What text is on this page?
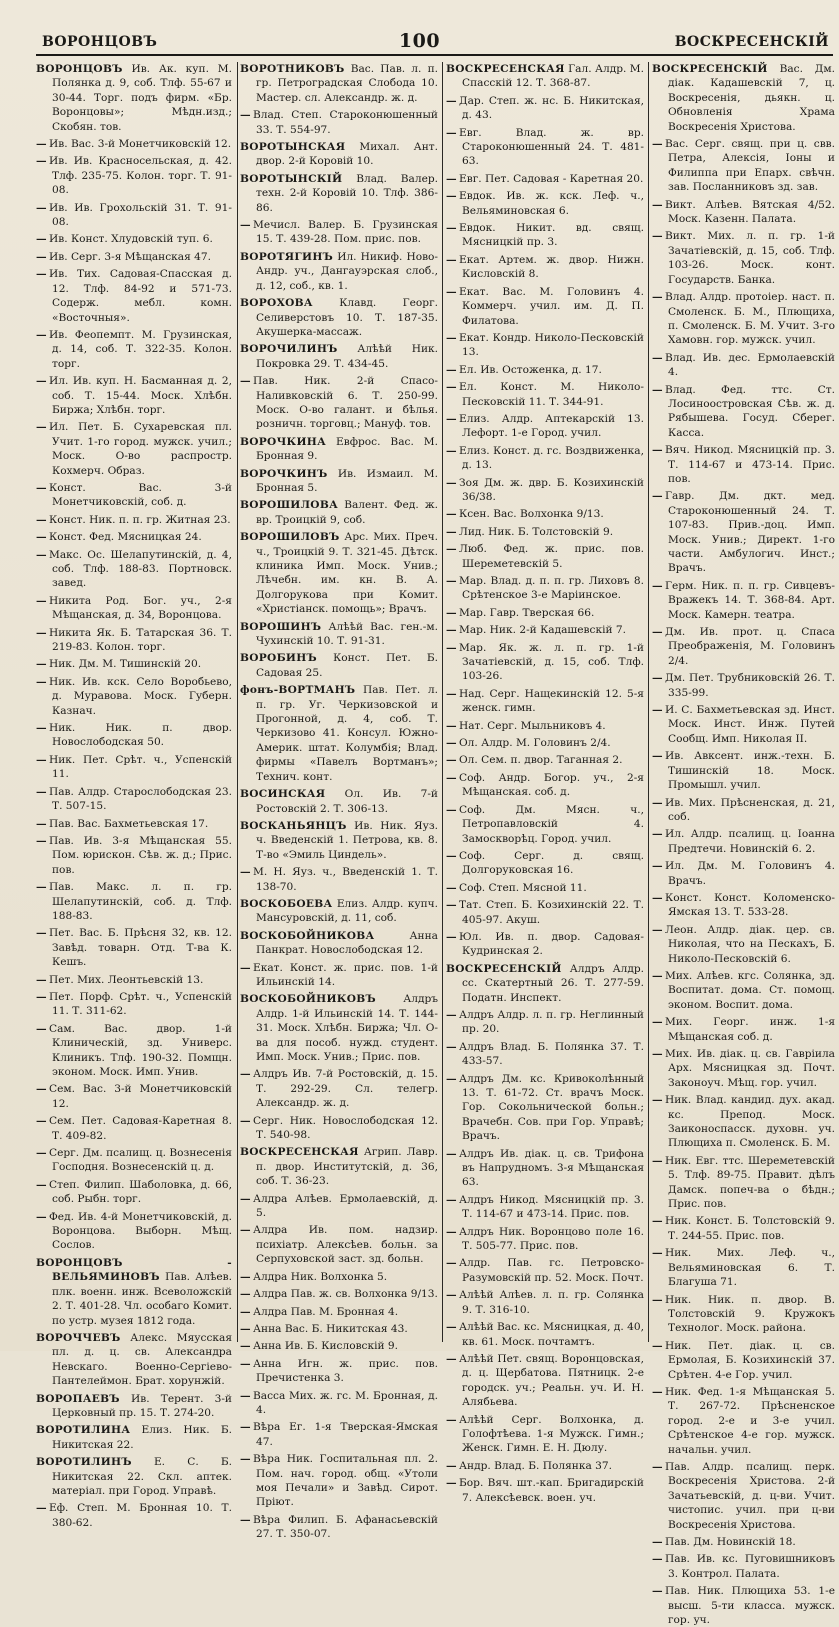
ВОРОНЦОВЪ	100	ВОСКРЕСЕНСКІЙ
ВОРОНЦОВЪ Ив. Ак. куп. М. Полянка д. 9, соб. Тлф. 55-67 и 30-44. Торг. подъ фирм. «Бр. Воронцовы»; Мѣдн.изд.; Скобян. тов.
— Ив. Вас. 3-й Монетчиковскій 12.
— Ив. Ив. Красносельская, д. 42. Тлф. 235-75. Колон. торг. Т. 91-08.
— Ив. Ив. Грохольскій 31. Т. 91-08.
— Ив. Конст. Хлудовскій туп. 6.
— Ив. Серг. 3-я Мѣщанская 47.
— Ив. Тих. Садовая-Спасская д. 12. Тлф. 84-92 и 571-73. Содерж. мебл. комн. «Восточныя».
— Ив. Феопемпт. М. Грузинская, д. 14, соб. Т. 322-35. Колон. торг.
— Ил. Ив. куп. Н. Басманная д. 2, соб. Т. 15-44. Моск. Хлѣбн. Биржа; Хлѣбн. торг.
— Ил. Пет. Б. Сухаревская пл. Учит. 1-го город. мужск. учил.; Моск. О-во распростр. Кохмерч. Образ.
— Конст. Вас. 3-й Монетчиковскій, соб. д.
— Конст. Ник. п. п. гр. Житная 23.
— Конст. Фед. Мясницкая 24.
— Макс. Ос. Шелапутинскій, д. 4, соб. Тлф. 188-83. Портновск. завед.
— Никита Род. Бог. уч., 2-я Мѣщанская, д. 34, Воронцова.
— Никита Як. Б. Татарская 36. Т. 219-83. Колон. торг.
— Ник. Дм. М. Тишинскій 20.
— Ник. Ив. кск. Село Воробьево, д. Муравова. Моск. Губерн. Казнач.
— Ник. Ник. п. двор. Новослободская 50.
— Ник. Пет. Срѣт. ч., Успенскій 11.
— Пав. Алдр. Старослободская 23. Т. 507-15.
— Пав. Вас. Бахметьевская 17.
— Пав. Ив. 3-я Мѣщанская 55. Пом. юрискон. Сѣв. ж. д.; Прис. пов.
— Пав. Макс. л. п. гр. Шелапутинскій, соб. д. Тлф. 188-83.
— Пет. Вас. Б. Прѣсня 32, кв. 12. Завѣд. товарн. Отд. Т-ва К. Кешъ.
— Пет. Мих. Леонтьевскій 13.
— Пет. Порф. Срѣт. ч., Успенскій 11. Т. 311-62.
— Сам. Вас. двор. 1-й Клиническій, зд. Универс. Клиникъ. Тлф. 190-32. Помщн. эконом. Моск. Имп. Унив.
— Сем. Вас. 3-й Монетчиковскій 12.
— Сем. Пет. Садовая-Каретная 8. Т. 409-82.
— Серг. Дм. псалищ. ц. Вознесенія Господня. Вознесенскій ц. д.
— Степ. Филип. Шаболовка, д. 66, соб. Рыбн. торг.
— Фед. Ив. 4-й Монетчиковскій, д. Воронцова. Выборн. Мѣщ. Сослов.
ВОРОНЦОВЪ - ВЕЛЬЯМИНОВЪ Пав. Алѣев. плк. военн. инж. Всеволожскій 2. Т. 401-28. Чл. особаго Комит. по устр. музея 1812 года.
ВОРОЧЧЕВЪ Алекс. Мяусская пл. д. ц. св. Александра Невскаго. Военно-Сергіево-Пантелеймон. Брат. хорунжій.
ВОРОПАЕВЪ Ив. Терент. 3-й Церковный пр. 15. Т. 274-20.
ВОРОТИЛИНА Елиз. Ник. Б. Никитская 22.
ВОРОТИЛИНЪ Е. С. Б. Никитская 22. Скл. аптек. матеріал. при Город. Управѣ.
— Еф. Степ. М. Бронная 10. Т. 380-62.
ВОРОТНИКОВЪ Вас. Пав. л. п. гр. Петроградская Слобода 10. Мастер. сл. Александр. ж. д.
— Влад. Степ. Староконюшенный 33. Т. 554-97.
ВОРОТЫНСКАЯ Михал. Ант. двор. 2-й Коровій 10.
ВОРОТЫНСКІЙ Влад. Валер. техн. 2-й Коровій 10. Тлф. 386-86.
— Мечисл. Валер. Б. Грузинская 15. Т. 439-28. Пом. прис. пов.
ВОРОТЯГИНЪ Ил. Никиф. Ново-Андр. уч., Дангауэрская слоб., д. 12, соб., кв. 1.
ВОРОХОВА Клавд. Георг. Селиверстовъ 10. Т. 187-35. Акушерка-массаж.
ВОРОЧИЛИНЪ Алѣѣй Ник. Покровка 29. Т. 434-45.
— Пав. Ник. 2-й Спасо-Наливковскій 6. Т. 250-99. Моск. О-во галант. и бѣлья. розничн. торговц.; Мануф. тов.
ВОРОЧКИНА Евфрос. Вас. М. Бронная 9.
ВОРОЧКИНЪ Ив. Измаил. М. Бронная 5.
ВОРОШИЛОВА Валент. Фед. ж. вр. Троицкій 9, соб.
ВОРОШИЛОВЪ Арс. Мих. Преч. ч., Троицкій 9. Т. 321-45. Дѣтск. клиника Имп. Моск. Унив.; Лѣчебн. им. кн. В. А. Долгорукова при Комит. «Христіанск. помощь»; Врачъ.
ВОРОШИНЪ Алѣѣй Вас. ген.-м. Чухинскій 10. Т. 91-31.
ВОРОБИНЪ Конст. Пет. Б. Садовая 25.
фонъ-ВОРТМАНЪ Пав. Пет. л. п. гр. Уг. Черкизовской и Прогонной, д. 4, соб. Т. Черкизово 41. Консул. Южно-Америк. штат. Колумбія; Влад. фирмы «Павелъ Вортманъ»; Технич. конт.
ВОСИНСКАЯ Ол. Ив. 7-й Ростовскій 2. Т. 306-13.
ВОСКАНЬЯНЦЪ Ив. Ник. Яуз. ч. Введенскій 1. Петрова, кв. 8. Т-во «Эмиль Циндель».
— М. Н. Яуз. ч., Введенскій 1. Т. 138-70.
ВОСКОБОЕВА Елиз. Алдр. купч. Мансуровскій, д. 11, соб.
ВОСКОБОЙНИКОВА	Анна Панкрат. Новослободская 12.
— Екат. Конст. ж. прис. пов. 1-й Ильинскій 14.
ВОСКОБОЙНИКОВЪ	Алдръ Алдр. 1-й Ильинскій 14. Т. 144-31. Моск. Хлѣбн. Биржа; Чл. О-ва для пособ. нужд. студент. Имп. Моск. Унив.; Прис. пов.
— Алдръ Ив. 7-й Ростовскій, д. 15. Т. 292-29. Сл. телегр. Александр. ж. д.
— Серг. Ник. Новослободская 12. Т. 540-98.
ВОСКРЕСЕНСКАЯ Агрип. Лавр. п. двор. Институтскій, д. 36, соб. Т. 36-23.
— Алдра Алѣев. Ермолаевскій, д. 5.
— Алдра Ив. пом. надзир. психіатр. Алексѣев. больн. за Серпуховской заст. зд. больн.
— Алдра Ник. Волхонка 5.
— Алдра Пав. ж. св. Волхонка 9/13.
— Алдра Пав. М. Бронная 4.
— Анна Вас. Б. Никитская 43.
— Анна Ив. Б. Кисловскій 9.
— Анна Игн. ж. прис. пов. Пречистенка 3.
— Васса Мих. ж. гс. М. Бронная, д. 4.
— Вѣра Ег. 1-я Тверская-Ямская 47.
— Вѣра Ник. Госпитальная пл. 2. Пом. нач. город. общ. «Утоли моя Печали» и Завѣд. Сирот. Пріют.
— Вѣра Филип. Б. Афанасьевскій 27. Т. 350-07.
ВОСКРЕСЕНСКАЯ Гал. Алдр. М. Спасскій 12. Т. 368-87.
— Дар. Степ. ж. нс. Б. Никитская, д. 43.
— Евг. Влад. ж. вр. Староконюшенный 24. Т. 481-63.
— Евг. Пет. Садовая - Каретная 20.
— Евдок. Ив. ж. кск. Леф. ч., Вельяминовская 6.
— Евдок. Никит. вд. свящ. Мясницкій пр. 3.
— Екат. Артем. ж. двор. Нижн. Кисловскій 8.
— Екат. Вас. М. Головинъ 4. Коммерч. учил. им. Д. П. Филатова.
— Екат. Кондр. Николо-Песковскій 13.
— Ел. Ив. Остоженка, д. 17.
— Ел. Конст. М. Николо-Песковскій 11. Т. 344-91.
— Елиз. Алдр. Аптекарскій 13. Лефорт. 1-е Город. учил.
— Елиз. Конст. д. гс. Воздвиженка, д. 13.
— Зоя Дм. ж. двр. Б. Козихинскій 36/38.
— Ксен. Вас. Волхонка 9/13.
— Лид. Ник. Б. Толстовскій 9.
— Люб. Фед. ж. прис. пов. Шереметевскій 5.
— Мар. Влад. д. п. п. гр. Лиховъ 8. Срѣтенское 3-е Маріинское.
— Мар. Гавр. Тверская 66.
— Мар. Ник. 2-й Кадашевскій 7.
— Мар. Як. ж. л. п. гр. 1-й Зачатіевскій, д. 15, соб. Тлф. 103-26.
— Над. Серг. Нащекинскій 12. 5-я женск. гимн.
— Нат. Серг. Мыльниковъ 4.
— Ол. Алдр. М. Головинъ 2/4.
— Ол. Сем. п. двор. Таганная 2.
— Соф. Андр. Богор. уч., 2-я Мѣщанская. соб. д.
— Соф. Дм. Мясн. ч., Петропавловскій 4. Замоскворѣц. Город. учил.
— Соф. Серг. д. свящ. Долгоруковская 16.
— Соф. Степ. Мясной 11.
— Тат. Степ. Б. Козихинскій 22. Т. 405-97. Акуш.
— Юл. Ив. п. двор. Садовая-Кудринская 2.
ВОСКРЕСЕНСКІЙ Алдръ Алдр. сс. Скатертный 26. Т. 277-59. Податн. Инспект.
— Алдръ Алдр. л. п. гр. Неглинный пр. 20.
— Алдръ Влад. Б. Полянка 37. Т. 433-57.
— Алдръ Дм. кс. Кривоколѣнный 13. Т. 61-72. Ст. врачъ Моск. Гор. Сокольнической больн.; Врачебн. Сов. при Гор. Управѣ; Врачъ.
— Алдръ Ив. діак. ц. св. Трифона въ Напрудномъ. 3-я Мѣщанская 63.
— Алдръ Никод. Мясницкій пр. 3. Т. 114-67 и 473-14. Прис. пов.
— Алдръ Ник. Воронцово поле 16. Т. 505-77. Прис. пов.
— Алдр. Пав. гс. Петровско-Разумовскій пр. 52. Моск. Почт.
— Алѣѣй Алѣев. л. п. гр. Солянка 9. Т. 316-10.
— Алѣѣй Вас. кс. Мясницкая, д. 40, кв. 61. Моск. почтамтъ.
— Алѣѣй Пет. свящ. Воронцовская, д. ц. Щербатова. Пятницк. 2-е городск. уч.; Реальн. уч. И. Н. Алябьева.
— Алѣѣй Серг. Волхонка, д. Голофтѣева. 1-я Мужск. Гимн.; Женск. Гимн. Е. Н. Дюлу.
— Андр. Влад. Б. Полянка 37.
— Бор. Вяч. шт.-кап. Бригадирскій 7. Алексѣевск. воен. уч.
ВОСКРЕСЕНСКІЙ Вас. Дм. діак. Кадашевскій 7, ц. Воскресенія, дьякн. ц. Обновленія Храма Воскресенія Христова.
— Вас. Серг. свящ. при ц. свв. Петра, Алексія, Іоны и Филиппа при Епарх. свѣчн. зав. Посланниковъ зд. зав.
— Викт. Алѣев. Вятская 4/52. Моск. Казенн. Палата.
— Викт. Мих. л. п. гр. 1-й Зачатіевскій, д. 15, соб. Тлф. 103-26. Моск. конт. Государств. Банка.
— Влад. Алдр. протоіер. наст. п. Смоленск. Б. М., Плющиха, п. Смоленск. Б. М. Учит. 3-го Хамовн. гор. мужск. учил.
— Влад. Ив. дес. Ермолаевскій 4.
— Влад. Фед. ттс. Ст. Лосиноостровская Сѣв. ж. д. Рябышева. Госуд. Сберег. Касса.
— Вяч. Никод. Мясницкій пр. 3. Т. 114-67 и 473-14. Прис. пов.
— Гавр. Дм. дкт. мед. Староконюшенный 24. Т. 107-83. Прив.-доц. Имп. Моск. Унив.; Директ. 1-го части. Амбулогич. Инст.; Врачъ.
— Герм. Ник. п. п. гр. Сивцевъ-Вражекъ 14. Т. 368-84. Арт. Моск. Камерн. театра.
— Дм. Ив. прот. ц. Спаса Преображенія, М. Головинъ 2/4.
— Дм. Пет. Трубниковскій 26. Т. 335-99.
— И. С. Бахметьевская зд. Инст. Моск. Инст. Инж. Путей Сообщ. Имп. Николая II.
— Ив. Авксент. инж.-техн. Б. Тишинскій 18. Моск. Промышл. учил.
— Ив. Мих. Прѣсненская, д. 21, соб.
— Ил. Алдр. псалищ. ц. Іоанна Предтечи. Новинскій 6. 2.
— Ил. Дм. М. Головинъ 4. Врачъ.
— Конст. Конст. Коломенско-Ямская 13. Т. 533-28.
— Леон. Алдр. діак. цер. св. Николая, что на Пескахъ, Б. Николо-Песковскій 6.
— Мих. Алѣев. кгс. Солянка, зд. Воспитат. дома. Ст. помощ. эконом. Воспит. дома.
— Мих. Георг. инж. 1-я Мѣщанская соб. д.
— Мих. Ив. діак. ц. св. Гавріила Арх. Мясницкая зд. Почт. Законоуч. Мѣщ. гор. учил.
— Ник. Влад. кандид. дух. акад. кс. Препод. Моск. Заиконоспасск. духовн. уч. Плющиха п. Смоленск. Б. М.
— Ник. Евг. ттс. Шереметевскій 5. Тлф. 89-75. Правит. дѣлъ Дамск. попеч-ва о бѣдн.; Прис. пов.
— Ник. Конст. Б. Толстовскій 9. Т. 244-55. Прис. пов.
— Ник. Мих. Леф. ч., Вельяминовская 6. Т. Благуша 71.
— Ник. Ник. п. двор. В. Толстовскій 9. Кружокъ Технолог. Моск. района.
— Ник. Пет. діак. ц. св. Ермолая, Б. Козихинскій 37. Срѣтен. 4-е Гор. учил.
— Ник. Фед. 1-я Мѣщанская 5. Т. 267-72. Прѣсненское город. 2-е и 3-е учил. Срѣтенское 4-е гор. мужск. начальн. учил.
— Пав. Алдр. псалищ. перк. Воскресенія Христова. 2-й Зачатьевскій, д. ц-ви. Учит. чистопис. учил. при ц-ви Воскресенія Христова.
— Пав. Дм. Новинскій 18.
— Пав. Ив. кс. Пуговишниковъ 3. Контрол. Палата.
— Пав. Ник. Плющиха 53. 1-е высш. 5-ти класса. мужск. гор. уч.
